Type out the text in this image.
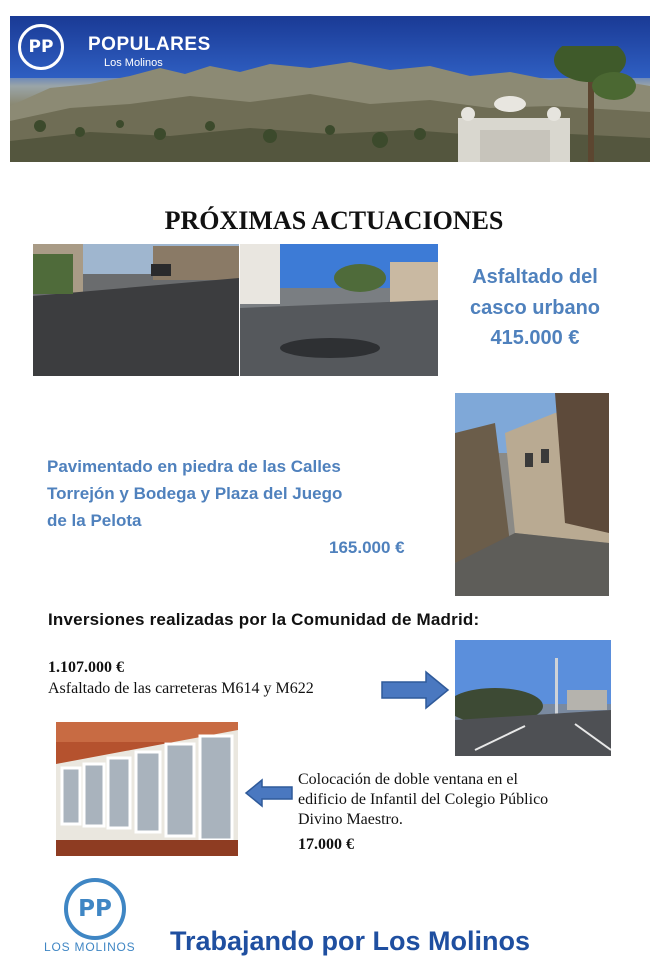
PP	POPULARES
Los Molinos
PRÓXIMAS ACTUACIONES
Asfaltado del
casco urbano
415.000 €
Pavimentado en piedra de las Calles
Torrejón y Bodega y Plaza del Juego
de la Pelota
165.000 €
Inversiones realizadas por la Comunidad de Madrid:
1.107.000 €
Asfaltado de las carreteras M614 y M622
Colocación de doble ventana en el
edificio de Infantil del Colegio Público
Divino Maestro.
17.000 €
PP
LOS MOLINOS Trabajando por Los Molinos
